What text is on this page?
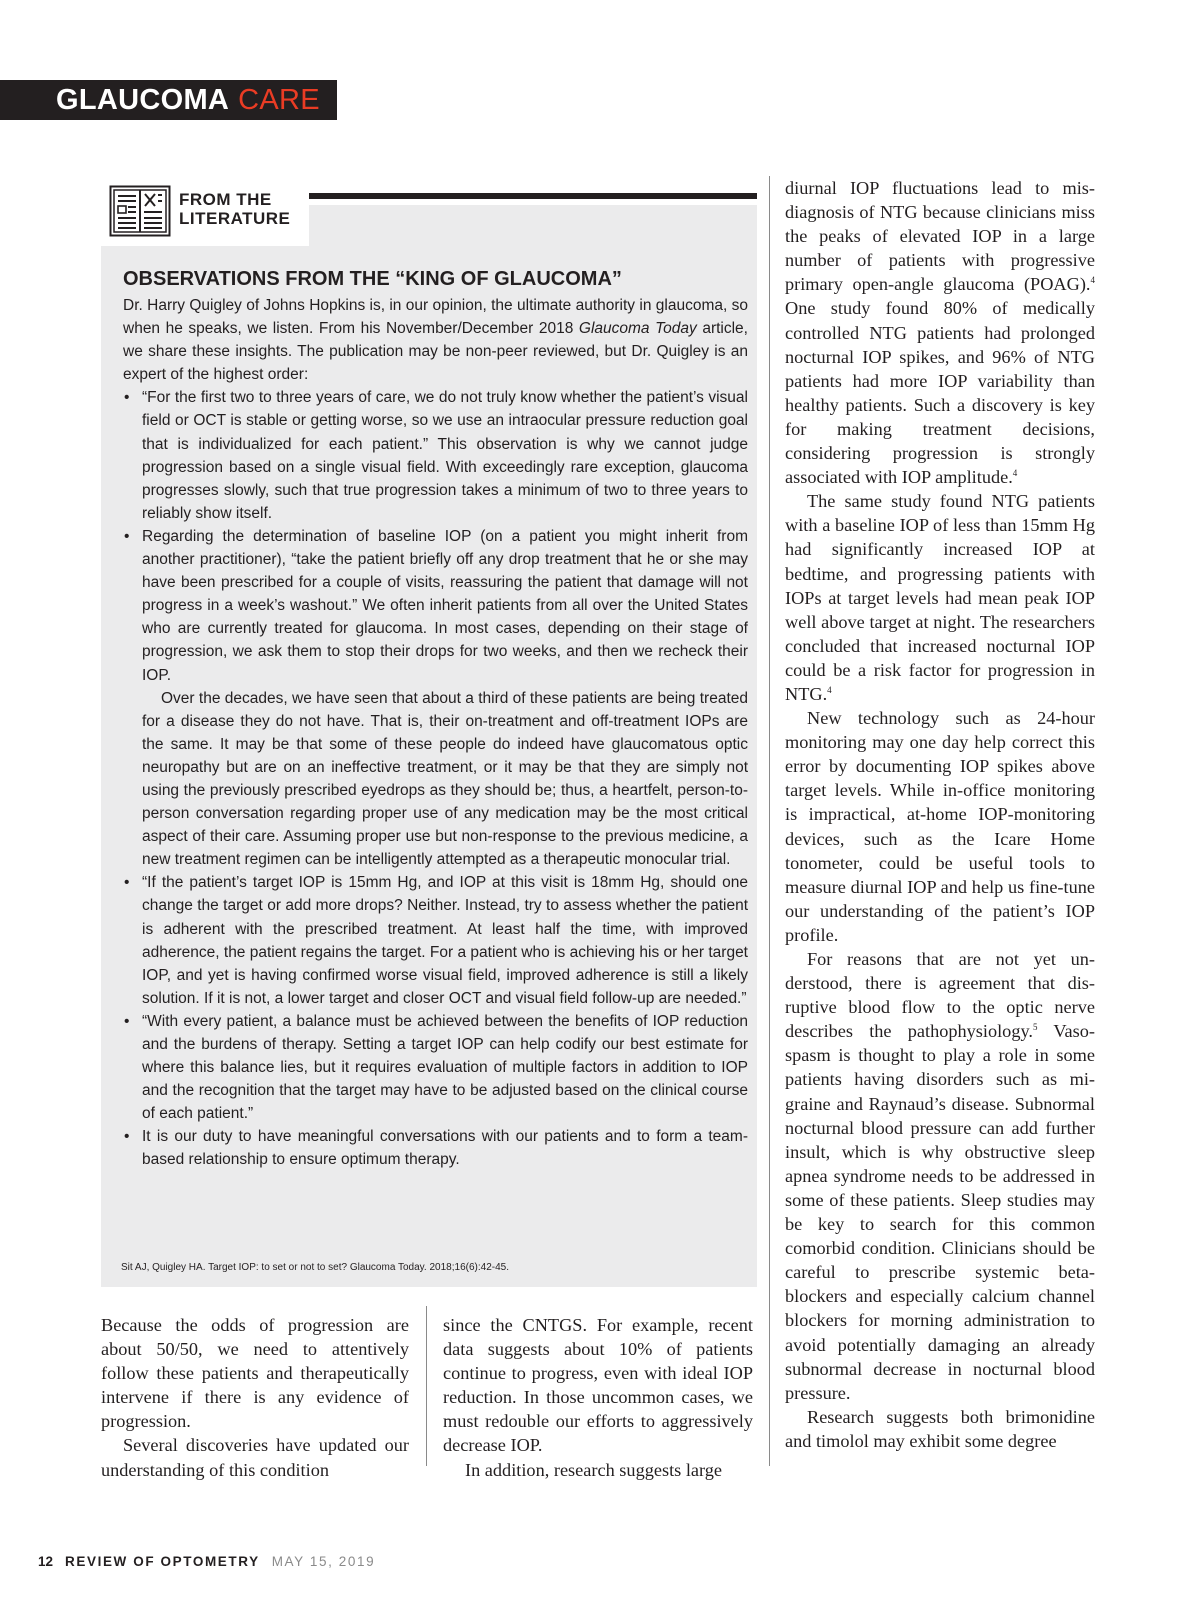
GLAUCOMA CARE
FROM THE
LITERATURE
OBSERVATIONS FROM THE “KING OF GLAUCOMA”

Dr. Harry Quigley of Johns Hopkins is, in our opinion, the ultimate authority in glaucoma, so when he speaks, we listen. From his November/December 2018 Glaucoma Today article, we share these insights. The publication may be non-peer reviewed, but Dr. Quigley is an expert of the highest order:

• “For the first two to three years of care, we do not truly know whether the patient’s visual field or OCT is stable or getting worse, so we use an intraocular pressure reduction goal that is individualized for each patient.” This observation is why we cannot judge progression based on a single visual field. With exceedingly rare exception, glaucoma progresses slowly, such that true progression takes a minimum of two to three years to reliably show itself.
• Regarding the determination of baseline IOP (on a patient you might inherit from another practitioner), “take the patient briefly off any drop treatment that he or she may have been prescribed for a couple of visits, reassuring the patient that damage will not progress in a week’s washout.” We often inherit patients from all over the United States who are currently treated for glaucoma. In most cases, depending on their stage of progression, we ask them to stop their drops for two weeks, and then we recheck their IOP.
Over the decades, we have seen that about a third of these patients are being treated for a disease they do not have. That is, their on-treatment and off-treatment IOPs are the same. It may be that some of these people do indeed have glaucomatous optic neuropathy but are on an ineffective treatment, or it may be that they are simply not using the previously prescribed eyedrops as they should be; thus, a heartfelt, person-to-person conversation regarding proper use of any medication may be the most critical aspect of their care. Assuming proper use but non-response to the previous medicine, a new treatment regimen can be intelligently attempted as a therapeutic monocular trial.
• “If the patient’s target IOP is 15mm Hg, and IOP at this visit is 18mm Hg, should one change the target or add more drops? Neither. Instead, try to assess whether the patient is adherent with the prescribed treatment. At least half the time, with improved adherence, the patient regains the target. For a patient who is achieving his or her target IOP, and yet is having confirmed worse visual field, improved adherence is still a likely solution. If it is not, a lower target and closer OCT and visual field follow-up are needed.”
• “With every patient, a balance must be achieved between the benefits of IOP reduction and the burdens of therapy. Setting a target IOP can help codify our best estimate for where this balance lies, but it requires evaluation of multiple factors in addition to IOP and the recognition that the target may have to be adjusted based on the clinical course of each patient.”
• It is our duty to have meaningful conversations with our patients and to form a team-based relationship to ensure optimum therapy.
Sit AJ, Quigley HA. Target IOP: to set or not to set? Glaucoma Today. 2018;16(6):42-45.

Because the odds of progression are about 50/50, we need to attentively follow these patients and therapeutically intervene if there is any evidence of progression.

Several discoveries have updated our understanding of this condition

since the CNTGS. For example, recent data suggests about 10% of patients continue to progress, even with ideal IOP reduction. In those uncommon cases, we must redouble our efforts to aggressively decrease IOP.

In addition, research suggests large

diurnal IOP fluctuations lead to misdiagnosis of NTG because clinicians miss the peaks of elevated IOP in a large number of patients with progressive primary open-angle glaucoma (POAG).$^4$ One study found 80% of medically controlled NTG patients had prolonged nocturnal IOP spikes, and 96% of NTG patients had more IOP variability than healthy patients. Such a discovery is key for making treatment decisions, considering progression is strongly associated with IOP amplitude.$^4$

The same study found NTG patients with a baseline IOP of less than 15mm Hg had significantly increased IOP at bedtime, and progressing patients with IOPs at target levels had mean peak IOP well above target at night. The researchers concluded that increased nocturnal IOP could be a risk factor for progression in NTG.$^4$

New technology such as 24-hour monitoring may one day help correct this error by documenting IOP spikes above target levels. While in-office monitoring is impractical, at-home IOP-monitoring devices, such as the Icare Home tonometer, could be useful tools to measure diurnal IOP and help us fine-tune our understanding of the patient’s IOP profile.

For reasons that are not yet understood, there is agreement that disruptive blood flow to the optic nerve describes the pathophysiology.$^5$ Vasospasm is thought to play a role in some patients having disorders such as migraine and Raynaud’s disease. Subnormal nocturnal blood pressure can add further insult, which is why obstructive sleep apnea syndrome needs to be addressed in some of these patients. Sleep studies may be key to search for this common comorbid condition. Clinicians should be careful to prescribe systemic beta-blockers and especially calcium channel blockers for morning administration to avoid potentially damaging an already subnormal decrease in nocturnal blood pressure.

Research suggests both brimonidine and timolol may exhibit some degree

12 REVIEW OF OPTOMETRY MAY 15, 2019
